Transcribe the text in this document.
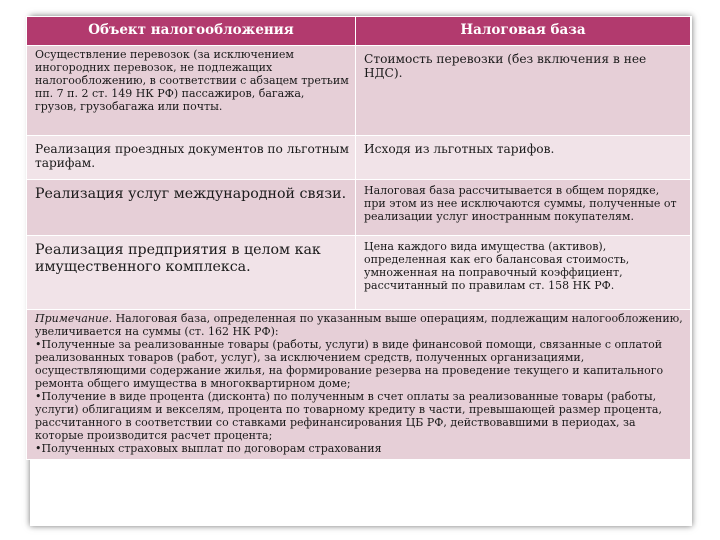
Объект налогообложения	Налоговая база
Осуществление перевозок (за исключением иногородних перевозок, не подлежащих налогообложению, в соответствии с абзацем третьим пп. 7 п. 2 ст. 149 НК РФ) пассажиров, багажа, грузов, грузобагажа или почты.	Стоимость перевозки (без включения в нее НДС).
Реализация проездных документов по льготным тарифам.	Исходя из льготных тарифов.
Реализация услуг международной связи.	Налоговая база рассчитывается в общем порядке, при этом из нее исключаются суммы, полученные от реализации услуг иностранным покупателям.
Реализация предприятия в целом как имущественного комплекса.	Цена каждого вида имущества (активов), определенная как его балансовая стоимость, умноженная на поправочный коэффициент, рассчитанный по правилам ст. 158 НК РФ.
Примечание. Налоговая база, определенная по указанным выше операциям, подлежащим налогообложению, увеличивается на суммы (ст. 162 НК РФ):
•Полученные за реализованные товары (работы, услуги) в виде финансовой помощи, связанные с оплатой реализованных товаров (работ, услуг), за исключением средств, полученных организациями, осуществляющими содержание жилья, на формирование резерва на проведение текущего и капитального ремонта общего имущества в многоквартирном доме;
•Получение в виде процента (дисконта) по полученным в счет оплаты за реализованные товары (работы, услуги) облигациям и векселям, процента по товарному кредиту в части, превышающей размер процента, рассчитанного в соответствии со ставками рефинансирования ЦБ РФ, действовавшими в периодах, за которые производится расчет процента;
•Полученных страховых выплат по договорам страхования	
